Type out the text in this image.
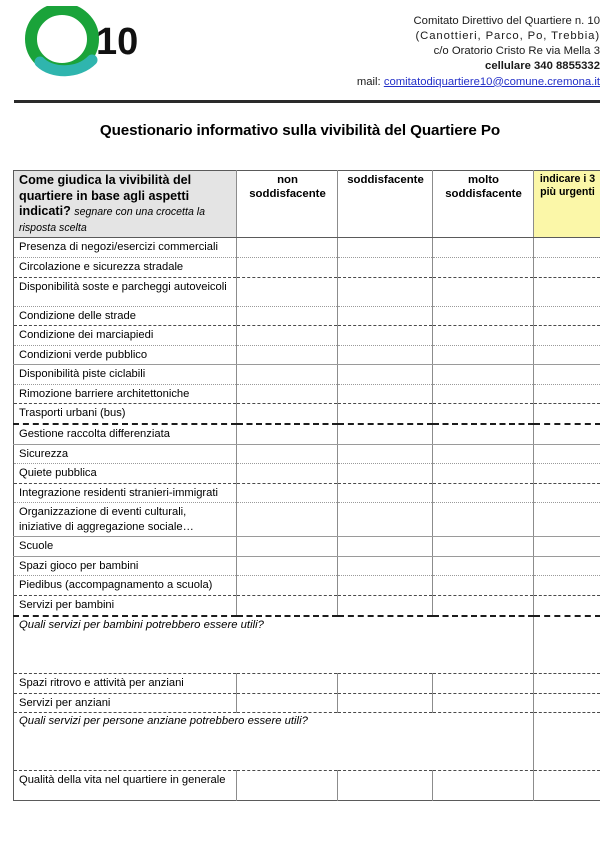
10	Comitato Direttivo del Quartiere n. 10
(Canottieri, Parco, Po, Trebbia)
c/o Oratorio Cristo Re via Mella 3
cellulare 340 8855332
mail: comitatodiquartiere10@comune.cremona.it
Questionario informativo sulla vivibilità del Quartiere Po
Come giudica la vivibilità del quartiere in base agli aspetti indicati? segnare con una crocetta la risposta scelta	non soddisfacente	soddisfacente	molto soddisfacente	indicare i 3 più urgenti
Presenza di negozi/esercizi commerciali				
Circolazione e sicurezza stradale				
Disponibilità soste e parcheggi autoveicoli				
Condizione delle strade				
Condizione dei marciapiedi				
Condizioni verde pubblico				
Disponibilità piste ciclabili				
Rimozione barriere architettoniche				
Trasporti urbani (bus)				
Gestione raccolta differenziata				
Sicurezza				
Quiete pubblica				
Integrazione residenti stranieri-immigrati				
Organizzazione di eventi culturali, iniziative di aggregazione sociale…				
Scuole				
Spazi gioco per bambini				
Piedibus (accompagnamento a scuola)				
Servizi per bambini				
Quali servizi per bambini potrebbero essere utili?				
Spazi ritrovo e attività per anziani				
Servizi per anziani				
Quali servizi per persone anziane potrebbero essere utili?				
Qualità della vita nel quartiere in generale				
